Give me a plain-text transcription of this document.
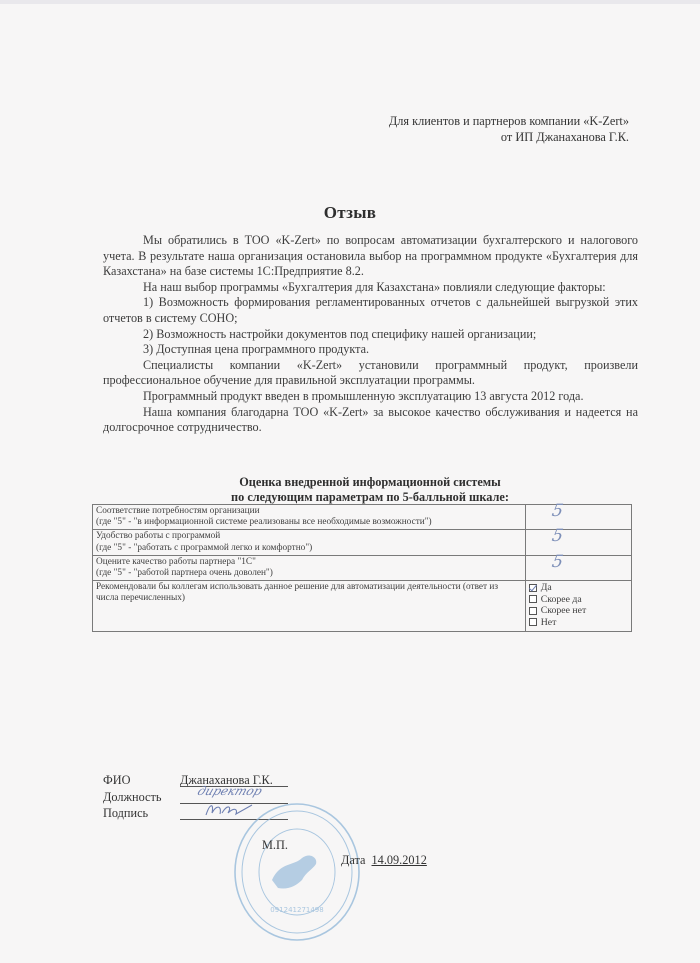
Для клиентов и партнеров компании «K-Zert»
от ИП Джанаханова Г.К.
Отзыв

Мы обратились в ТОО «K-Zert» по вопросам автоматизации бухгалтерского и налогового учета. В результате наша организация остановила выбор на программном продукте «Бухгалтерия для Казахстана» на базе системы 1С:Предприятие 8.2.

На наш выбор программы «Бухгалтерия для Казахстана» повлияли следующие факторы:

1) Возможность формирования регламентированных отчетов с дальнейшей выгрузкой этих отчетов в систему СОНО;
2) Возможность настройки документов под специфику нашей организации;
3) Доступная цена программного продукта.

Специалисты компании «K-Zert» установили программный продукт, произвели профессиональное обучение для правильной эксплуатации программы.

Программный продукт введен в промышленную эксплуатацию 13 августа 2012 года.

Наша компания благодарна ТОО «K-Zert» за высокое качество обслуживания и надеется на долгосрочное сотрудничество.

Оценка внедренной информационной системы
по следующим параметрам по 5-балльной шкале:
Соответствие потребностям организации
(где "5" - "в информационной системе реализованы все необходимые возможности")	5

Удобство работы с программой
(где "5" - "работать с программой легко и комфортно")	5

Оцените качество работы партнера "1С"
(где "5" - "работой партнера очень доволен")	5

Рекомендовали бы коллегам использовать данное решение для автоматизации деятельности (ответ из числа перечисленных)	Да
Скорее да
Скорее нет
Нет
ФИО	Джанаханова Г.К.
Должность	директор
Подпись
091241271498
М.П.
Дата 14.09.2012
